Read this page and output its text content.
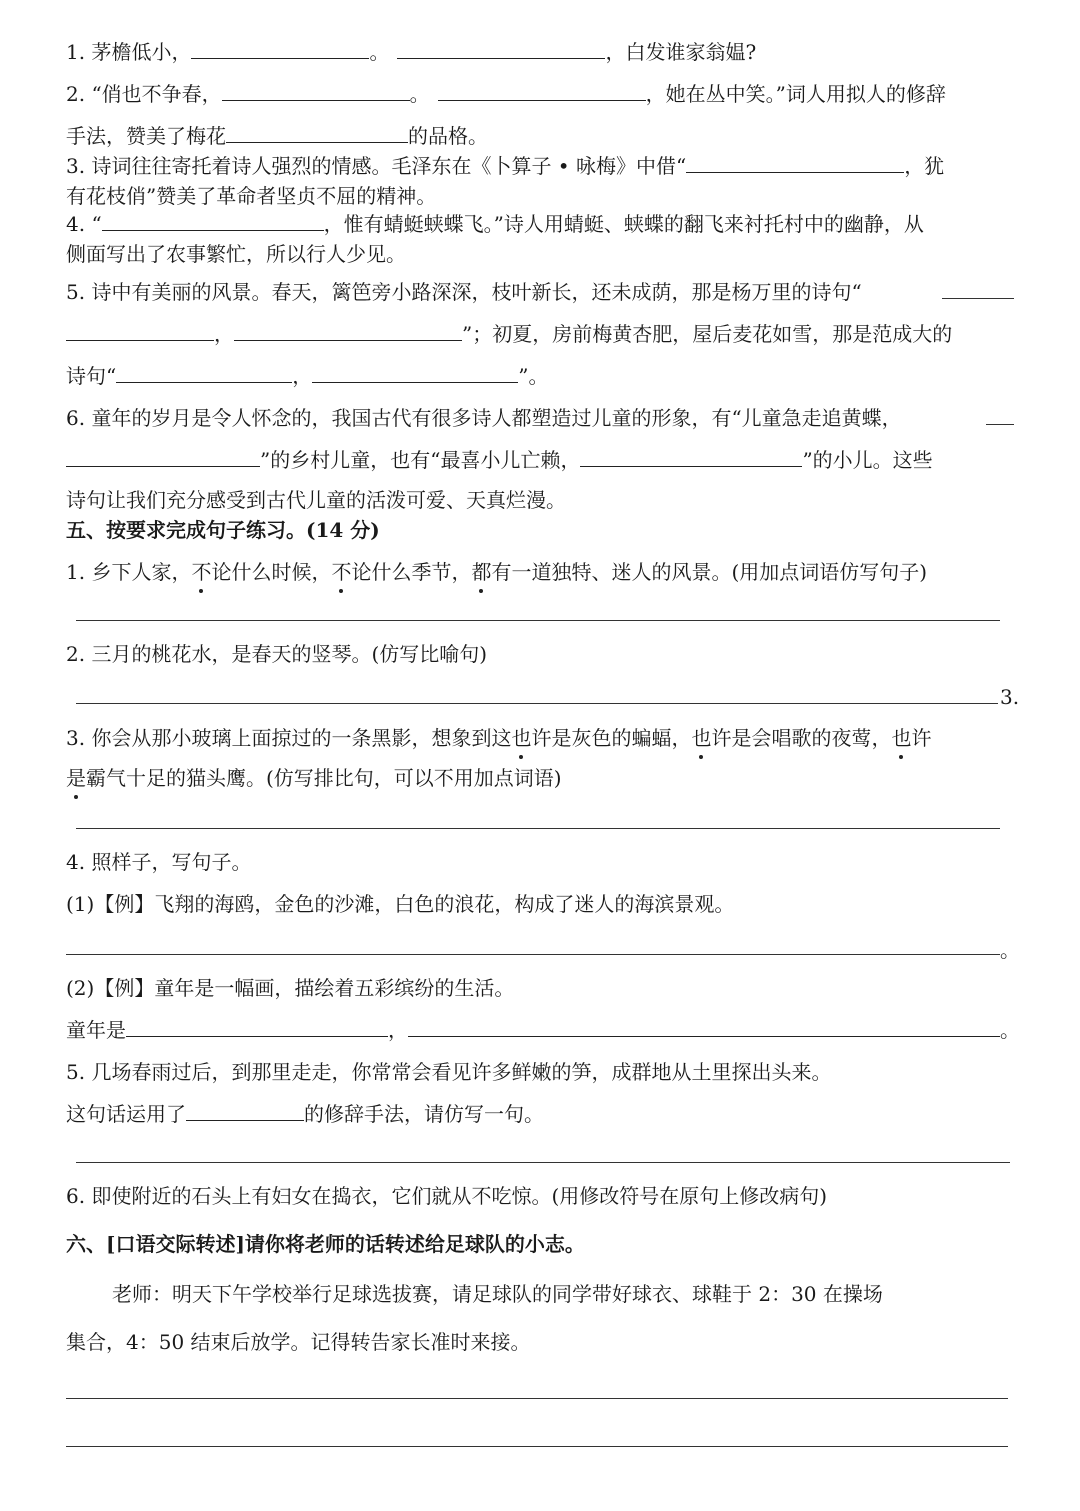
1. 茅檐低小，	。	，白发谁家翁媪?
2. “俏也不争春，	。	，她在丛中笑。”词人用拟人的修辞
手法，赞美了梅花	的品格。
3. 诗词往往寄托着诗人强烈的情感。毛泽东在《卜算子 • 咏梅》中借“	，犹
有花枝俏”赞美了革命者坚贞不屈的精神。
4. “	，惟有蜻蜓蛱蝶飞。”诗人用蜻蜓、蛱蝶的翻飞来衬托村中的幽静，从
侧面写出了农事繁忙，所以行人少见。
5. 诗中有美丽的风景。春天，篱笆旁小路深深，枝叶新长，还未成荫，那是杨万里的诗句“
，	”；初夏，房前梅黄杏肥，屋后麦花如雪，那是范成大的
诗句“	，	”。
6. 童年的岁月是令人怀念的，我国古代有很多诗人都塑造过儿童的形象，有“儿童急走追黄蝶，
”的乡村儿童，也有“最喜小儿亡赖，	”的小儿。这些
诗句让我们充分感受到古代儿童的活泼可爱、天真烂漫。
五、按要求完成句子练习。(14 分)
1. 乡下人家，不论什么时候，不论什么季节，都有一道独特、迷人的风景。(用加点词语仿写句子)
2. 三月的桃花水，是春天的竖琴。(仿写比喻句)
3.
3. 你会从那小玻璃上面掠过的一条黑影，想象到这也许是灰色的蝙蝠，也许是会唱歌的夜莺，也许
是霸气十足的猫头鹰。(仿写排比句，可以不用加点词语)
4. 照样子，写句子。
(1)【例】飞翔的海鸥，金色的沙滩，白色的浪花，构成了迷人的海滨景观。
。
(2)【例】童年是一幅画，描绘着五彩缤纷的生活。
童年是	，	。
5. 几场春雨过后，到那里走走，你常常会看见许多鲜嫩的笋，成群地从土里探出头来。
这句话运用了	的修辞手法，请仿写一句。
6. 即使附近的石头上有妇女在捣衣，它们就从不吃惊。(用修改符号在原句上修改病句)
六、[口语交际转述]请你将老师的话转述给足球队的小志。
老师：明天下午学校举行足球选拔赛，请足球队的同学带好球衣、球鞋于 2：30 在操场
集合，4：50 结束后放学。记得转告家长准时来接。
